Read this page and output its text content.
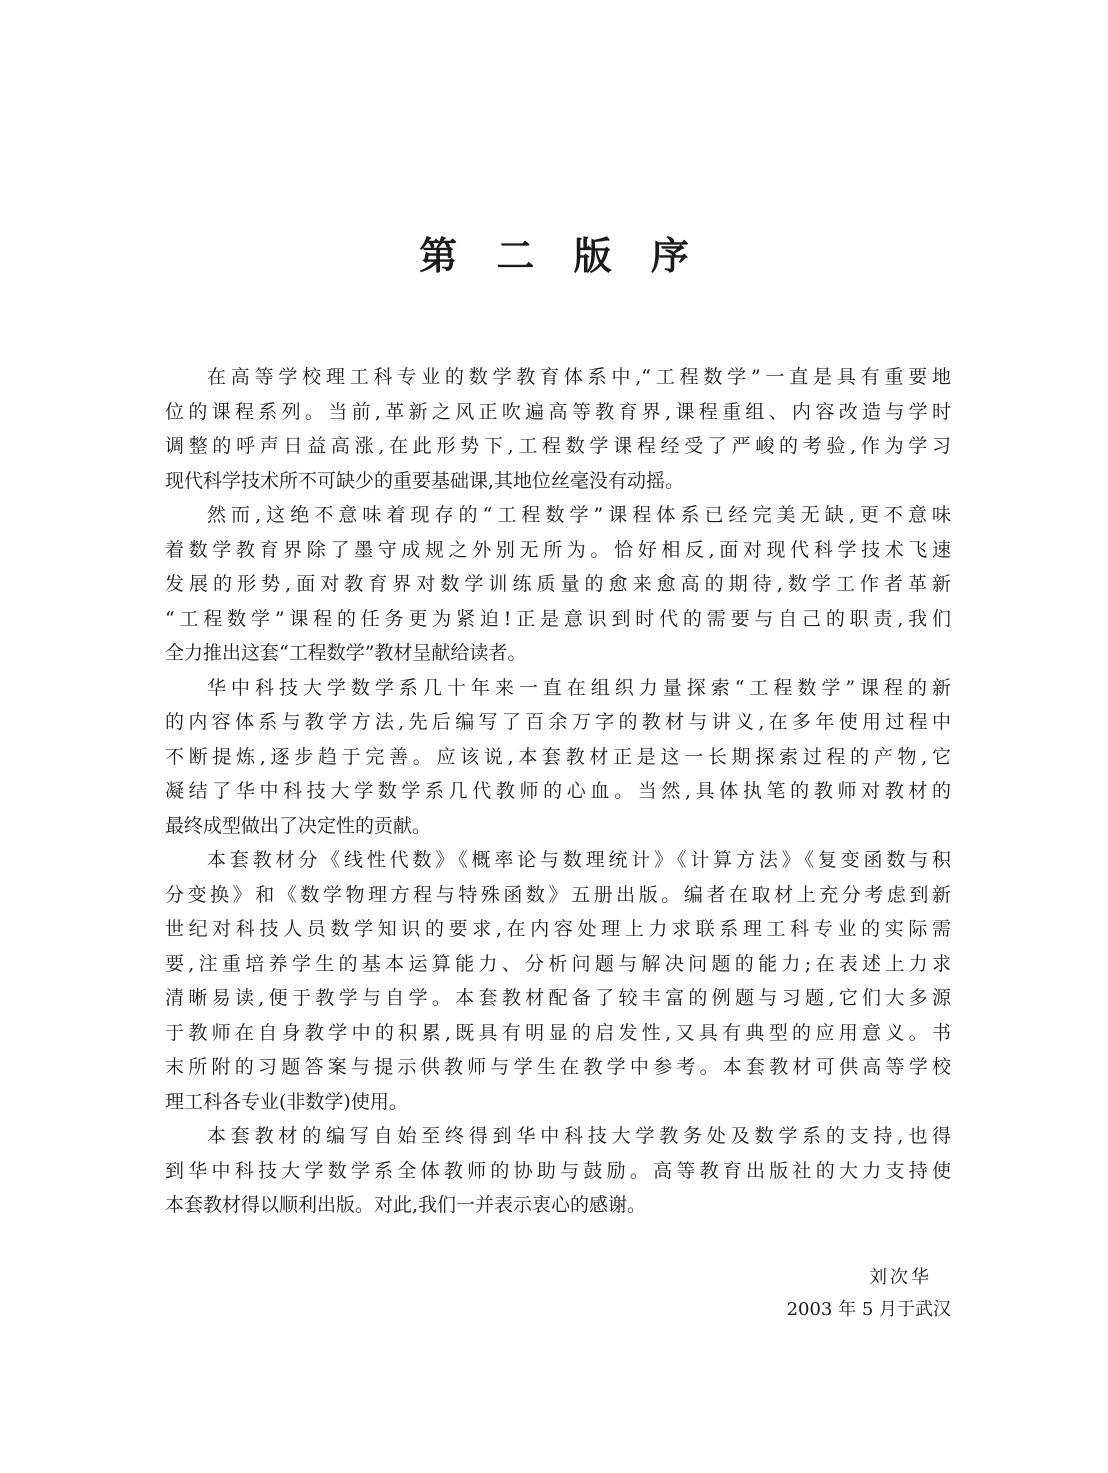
第 二 版 序
在高等学校理工科专业的数学教育体系中,“工程数学”一直是具有重要地
位的课程系列。当前,革新之风正吹遍高等教育界,课程重组、内容改造与学时
调整的呼声日益高涨,在此形势下,工程数学课程经受了严峻的考验,作为学习
现代科学技术所不可缺少的重要基础课,其地位丝毫没有动摇。
然而,这绝不意味着现存的“工程数学”课程体系已经完美无缺,更不意味
着数学教育界除了墨守成规之外别无所为。恰好相反,面对现代科学技术飞速
发展的形势,面对教育界对数学训练质量的愈来愈高的期待,数学工作者革新
“工程数学”课程的任务更为紧迫!正是意识到时代的需要与自己的职责,我们
全力推出这套“工程数学”教材呈献给读者。
华中科技大学数学系几十年来一直在组织力量探索“工程数学”课程的新
的内容体系与教学方法,先后编写了百余万字的教材与讲义,在多年使用过程中
不断提炼,逐步趋于完善。应该说,本套教材正是这一长期探索过程的产物,它
凝结了华中科技大学数学系几代教师的心血。当然,具体执笔的教师对教材的
最终成型做出了决定性的贡献。
本套教材分《线性代数》《概率论与数理统计》《计算方法》《复变函数与积
分变换》和《数学物理方程与特殊函数》五册出版。编者在取材上充分考虑到新
世纪对科技人员数学知识的要求,在内容处理上力求联系理工科专业的实际需
要,注重培养学生的基本运算能力、分析问题与解决问题的能力;在表述上力求
清晰易读,便于教学与自学。本套教材配备了较丰富的例题与习题,它们大多源
于教师在自身教学中的积累,既具有明显的启发性,又具有典型的应用意义。书
末所附的习题答案与提示供教师与学生在教学中参考。本套教材可供高等学校
理工科各专业(非数学)使用。
本套教材的编写自始至终得到华中科技大学教务处及数学系的支持,也得
到华中科技大学数学系全体教师的协助与鼓励。高等教育出版社的大力支持使
本套教材得以顺利出版。对此,我们一并表示衷心的感谢。
刘次华
2003 年 5 月于武汉
